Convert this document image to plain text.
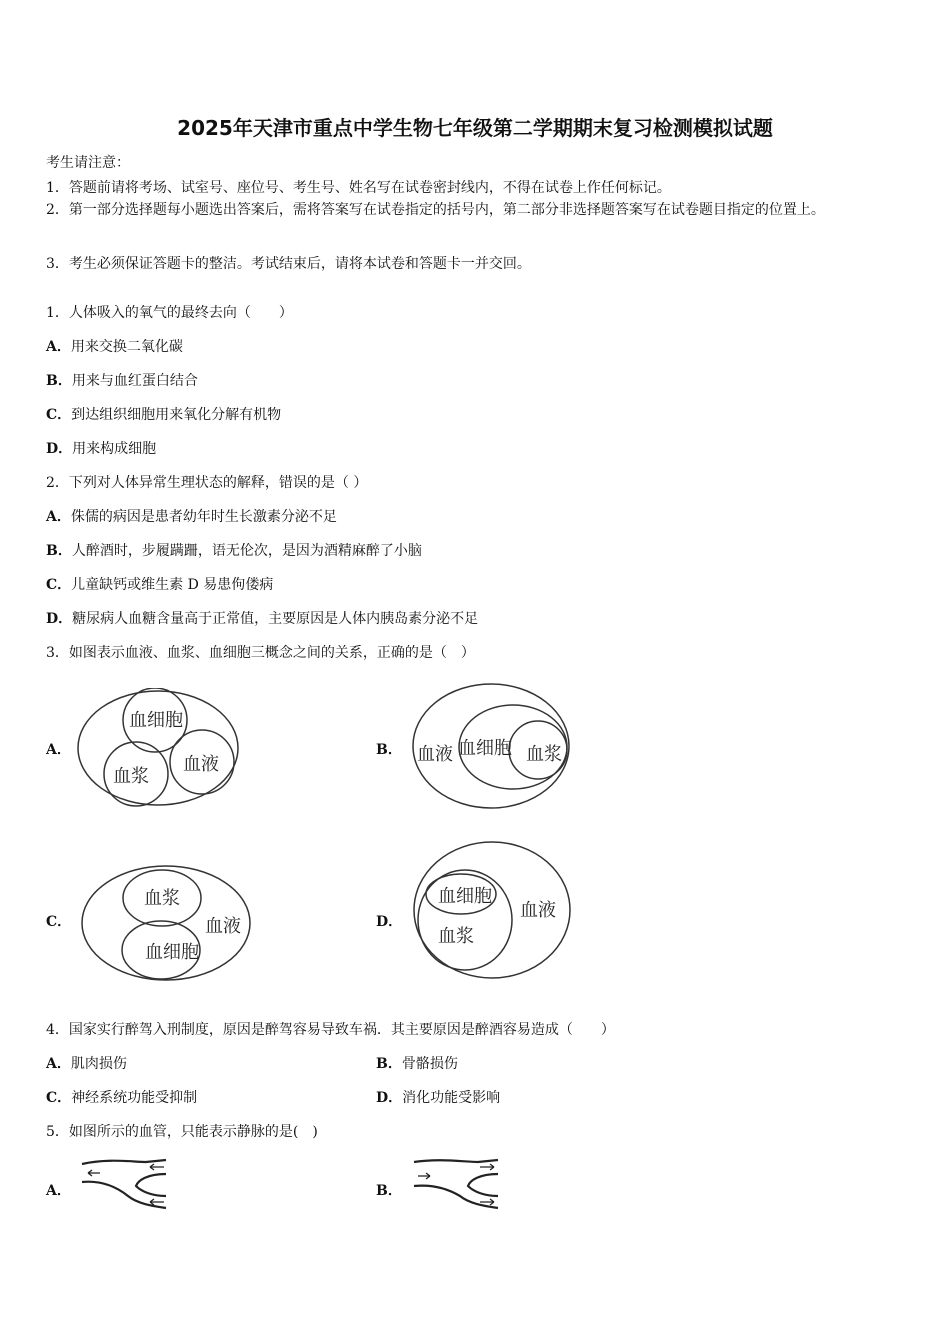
2025年天津市重点中学生物七年级第二学期期末复习检测模拟试题
考生请注意：
1．答题前请将考场、试室号、座位号、考生号、姓名写在试卷密封线内，不得在试卷上作任何标记。
2．第一部分选择题每小题选出答案后，需将答案写在试卷指定的括号内，第二部分非选择题答案写在试卷题目指定的位置上。
3．考生必须保证答题卡的整洁。考试结束后，请将本试卷和答题卡一并交回。
1．人体吸入的氧气的最终去向（　　）
A．用来交换二氧化碳
B．用来与血红蛋白结合
C．到达组织细胞用来氧化分解有机物
D．用来构成细胞
2．下列对人体异常生理状态的解释，错误的是（ ）
A．侏儒的病因是患者幼年时生长激素分泌不足
B．人醉酒时，步履蹒跚，语无伦次，是因为酒精麻醉了小脑
C．儿童缺钙或维生素 D 易患佝偻病
D．糖尿病人血糖含量高于正常值，主要原因是人体内胰岛素分泌不足
3．如图表示血液、血浆、血细胞三概念之间的关系，正确的是（　）
A．
血细胞
血浆
血液
B． 血液 血细胞 血浆
C．
血浆
血液
血细胞
D．
血细胞
血液
血浆
4．国家实行醉驾入刑制度，原因是醉驾容易导致车祸．其主要原因是醉酒容易造成（　　）
A．肌肉损伤	B．骨骼损伤
C．神经系统功能受抑制	D．消化功能受影响
5．如图所示的血管，只能表示静脉的是(　)
A．	B．
